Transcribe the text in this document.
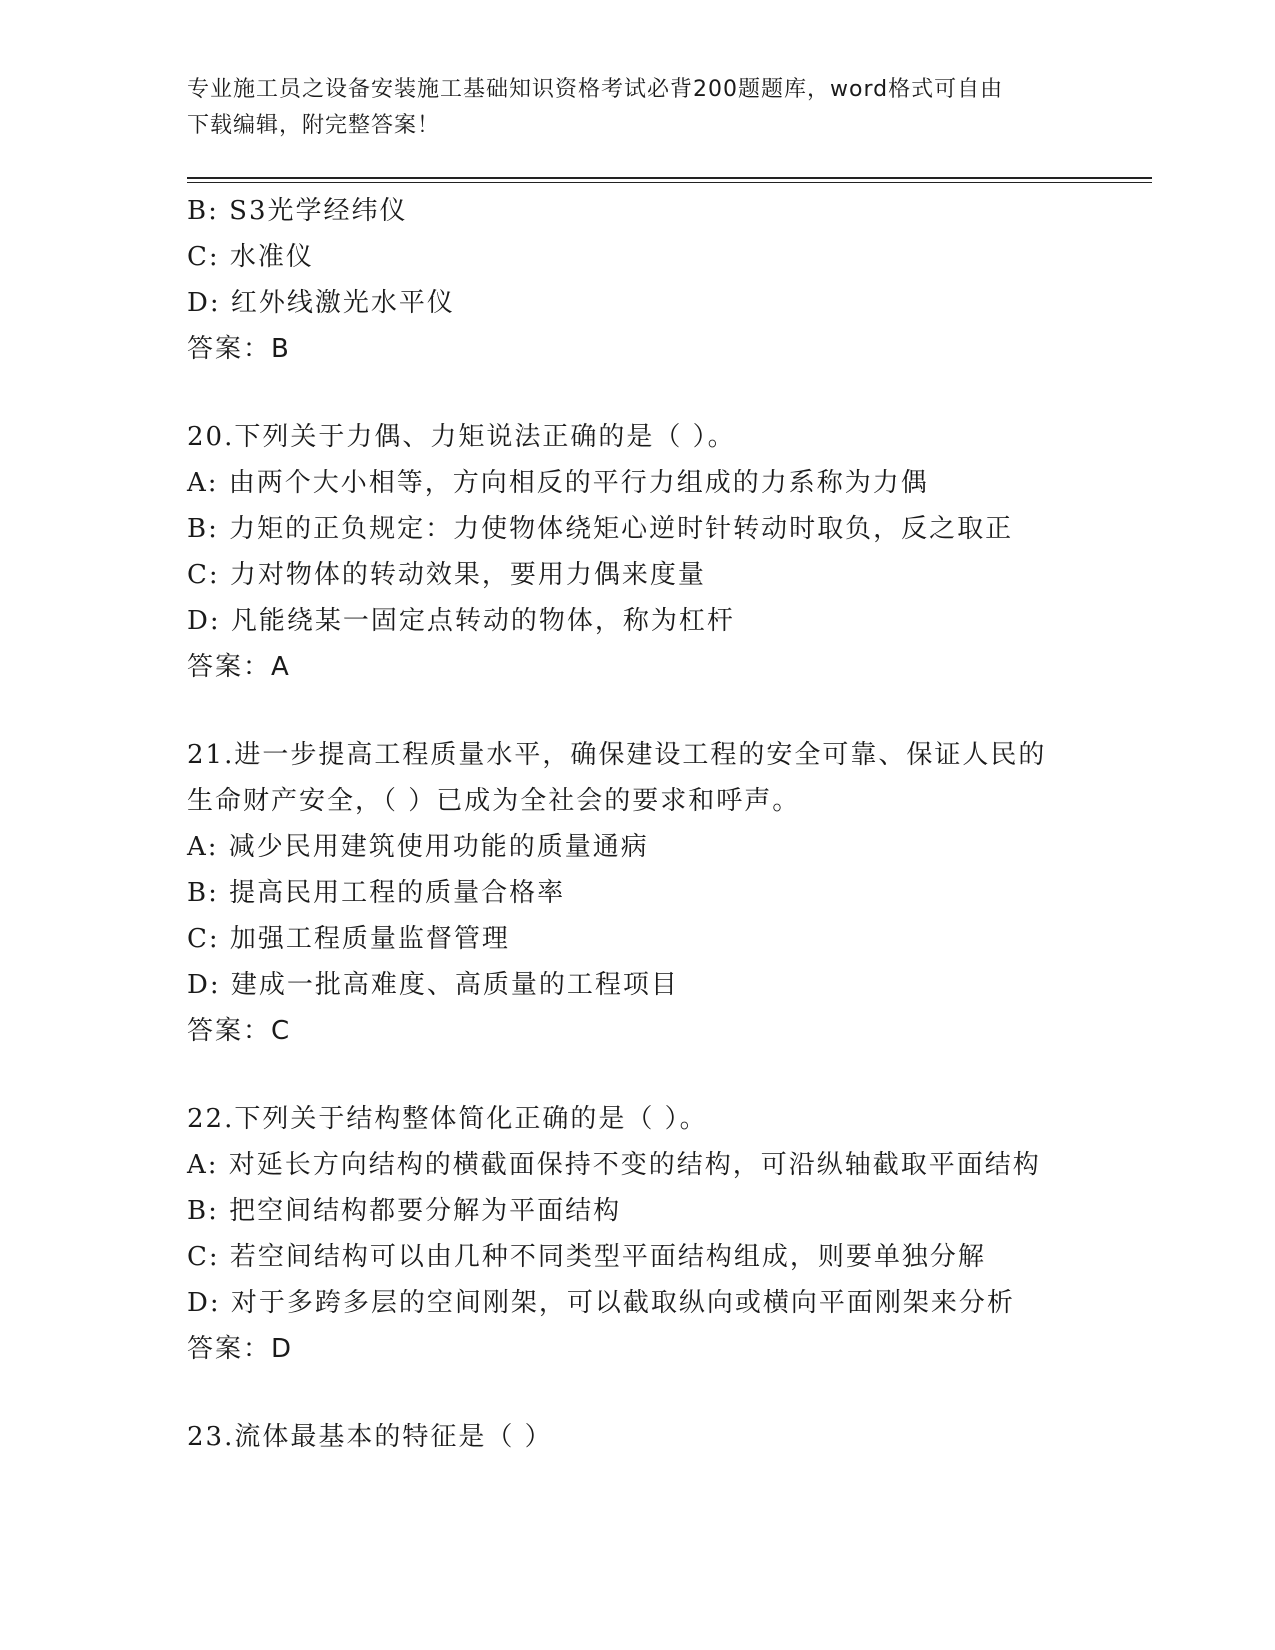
专业施工员之设备安装施工基础知识资格考试必背200题题库，word格式可自由
下载编辑，附完整答案！
B: S3光学经纬仪
C: 水准仪
D: 红外线激光水平仪
答案：B
20.下列关于力偶、力矩说法正确的是（ ）。
A: 由两个大小相等，方向相反的平行力组成的力系称为力偶
B: 力矩的正负规定：力使物体绕矩心逆时针转动时取负，反之取正
C: 力对物体的转动效果，要用力偶来度量
D: 凡能绕某一固定点转动的物体，称为杠杆
答案：A
21.进一步提高工程质量水平，确保建设工程的安全可靠、保证人民的
生命财产安全，（ ）已成为全社会的要求和呼声。
A: 减少民用建筑使用功能的质量通病
B: 提高民用工程的质量合格率
C: 加强工程质量监督管理
D: 建成一批高难度、高质量的工程项目
答案：C
22.下列关于结构整体简化正确的是（ ）。
A: 对延长方向结构的横截面保持不变的结构，可沿纵轴截取平面结构
B: 把空间结构都要分解为平面结构
C: 若空间结构可以由几种不同类型平面结构组成，则要单独分解
D: 对于多跨多层的空间刚架，可以截取纵向或横向平面刚架来分析
答案：D
23.流体最基本的特征是（ ）
